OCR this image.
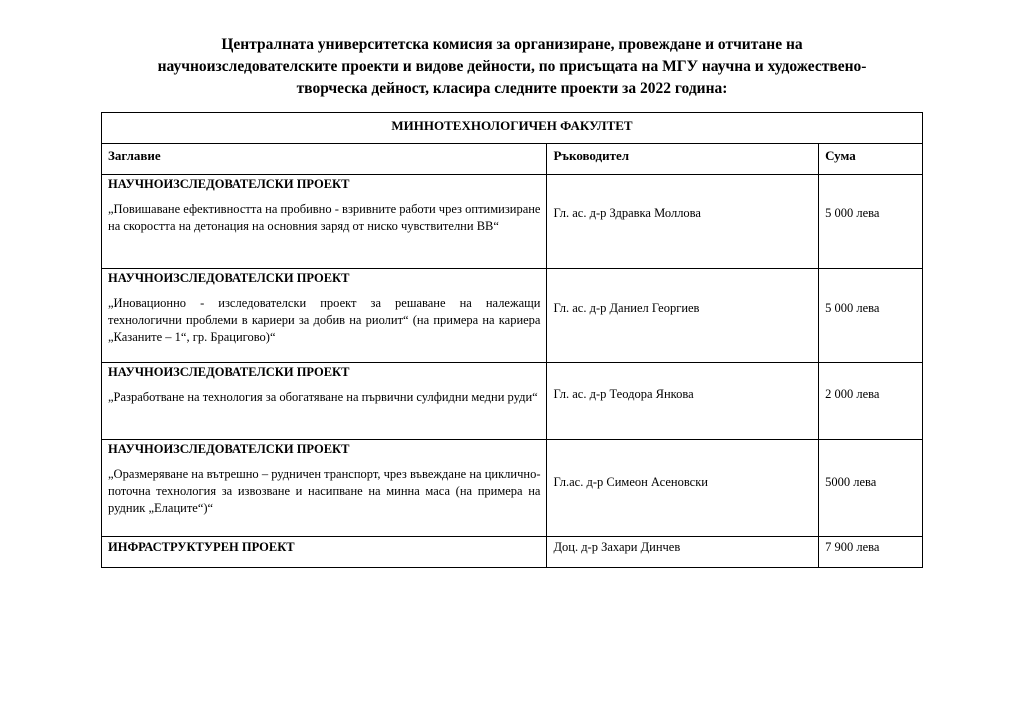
Централната университетска комисия за организиране, провеждане и отчитане на
научноизследователските проекти и видове дейности, по присъщата на МГУ научна и художествено-
творческа дейност, класира следните проекти за 2022 година:
МИННОТЕХНОЛОГИЧЕН ФАКУЛТЕТ		
Заглавие	Ръководител	Сума

НАУЧНОИЗСЛЕДОВАТЕЛСКИ ПРОЕКТ
„Повишаване ефективността на пробивно - взривните работи чрез оптимизиране на скоростта на детонация на основния заряд от ниско чувствителни ВВ“	Гл. ас. д-р Здравка Моллова	5 000 лева

НАУЧНОИЗСЛЕДОВАТЕЛСКИ ПРОЕКТ
„Иновационно - изследователски проект за решаване на належащи технологични проблеми в кариери за добив на риолит“ (на примера на кариера „Казаните – 1“, гр. Брацигово)“	Гл. ас. д-р Даниел Георгиев	5 000 лева

НАУЧНОИЗСЛЕДОВАТЕЛСКИ ПРОЕКТ
„Разработване на технология за обогатяване на първични сулфидни медни руди“	Гл. ас. д-р Теодора Янкова	2 000 лева

НАУЧНОИЗСЛЕДОВАТЕЛСКИ ПРОЕКТ
„Оразмеряване на вътрешно – рудничен транспорт, чрез въвеждане на циклично- поточна технология за извозване и насипване на минна маса (на примера на рудник „Елаците“)“	Гл.ас. д-р Симеон Асеновски	5000 лева

ИНФРАСТРУКТУРЕН ПРОЕКТ	Доц. д-р Захари Динчев	7 900 лева
